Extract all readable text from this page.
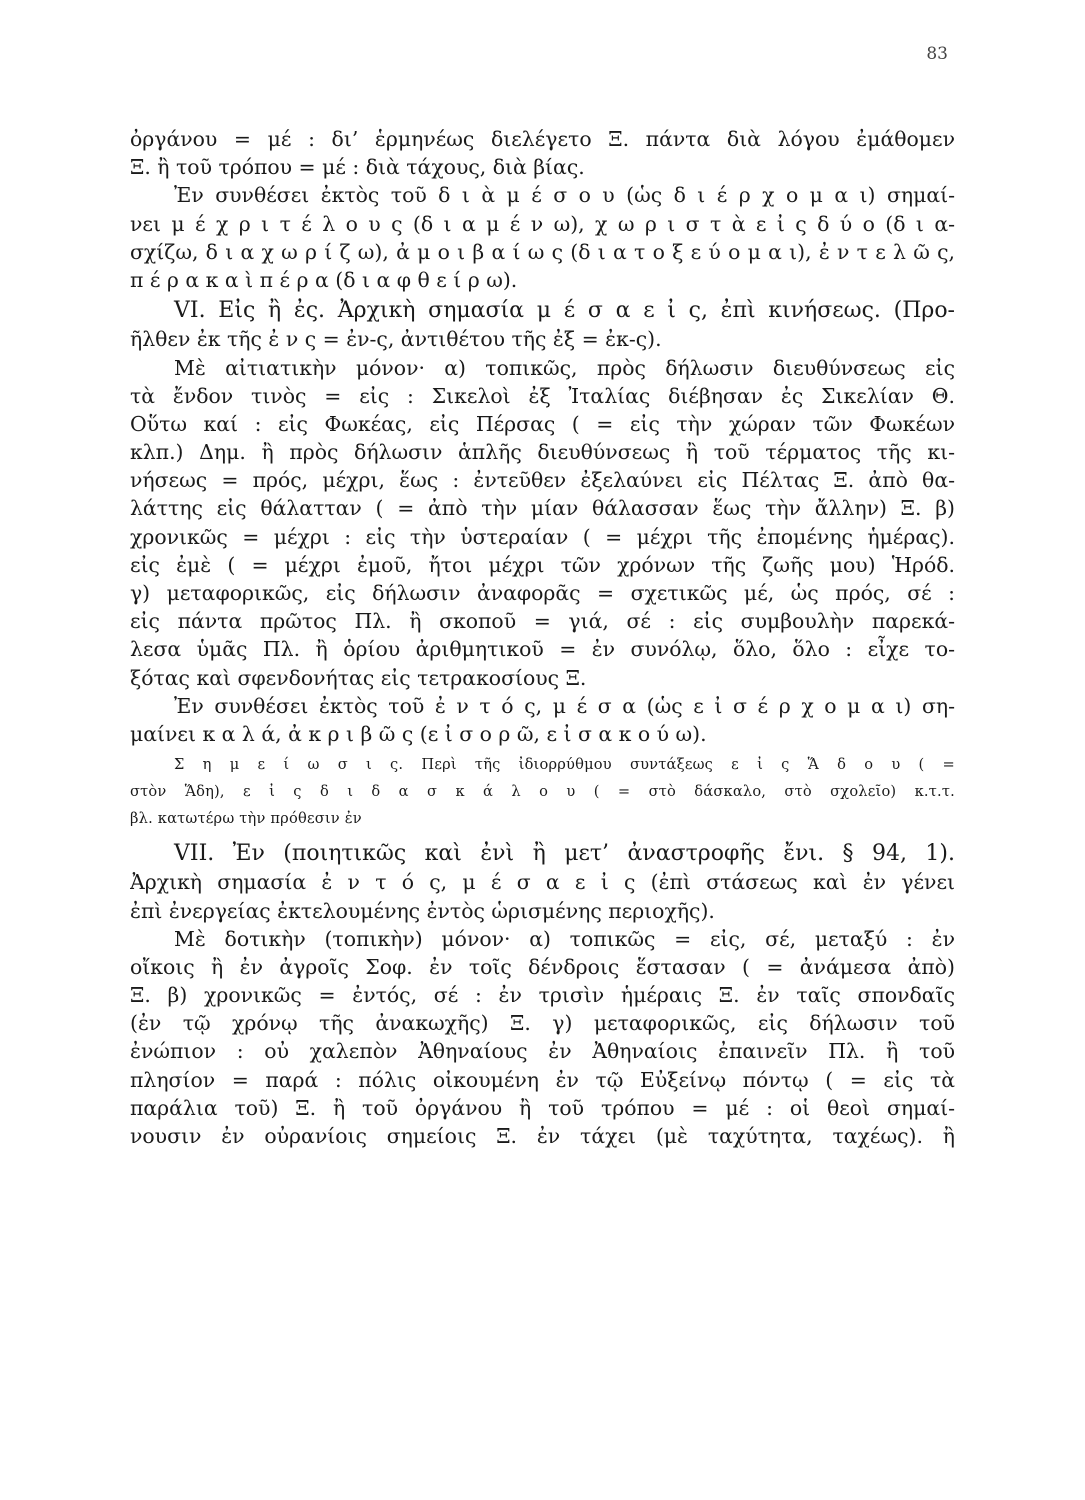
83
ὀργάνου = μέ : δι’ ἑρμηνέως διελέγετο Ξ. πάντα διὰ λόγου ἐμάθομεν
Ξ. ἢ τοῦ τρόπου = μέ : διὰ τάχους, διὰ βίας.
Ἐν συνθέσει ἐκτὸς τοῦ δ ι ὰ μ έ σ ο υ (ὡς δ ι έ ρ χ ο μ α ι) σημαί-
νει μ έ χ ρ ι τ έ λ ο υ ς (δ ι α μ έ ν ω), χ ω ρ ι σ τ ὰ ε ἰ ς δ ύ ο (δ ι α-
σχίζω, δ ι α χ ω ρ ί ζ ω), ἀ μ ο ι β α ί ω ς (δ ι α τ ο ξ ε ύ ο μ α ι), ἐ ν τ ε λ ῶ ς,
π έ ρ α κ α ὶ π έ ρ α (δ ι α φ θ ε ί ρ ω).
VI. Εἰς ἢ ἐς. Ἀρχικὴ σημασία μ έ σ α ε ἰ ς, ἐπὶ κινήσεως. (Προ-
ῆλθεν ἐκ τῆς ἐ ν ς = ἐν-ς, ἀντιθέτου τῆς ἐξ = ἐκ-ς).
Μὲ αἰτιατικὴν μόνον· α) τοπικῶς, πρὸς δήλωσιν διευθύνσεως εἰς
τὰ ἔνδον τινὸς = εἰς : Σικελοὶ ἐξ Ἰταλίας διέβησαν ἐς Σικελίαν Θ.
Οὕτω καί : εἰς Φωκέας, εἰς Πέρσας ( = εἰς τὴν χώραν τῶν Φωκέων
κλπ.) Δημ. ἢ πρὸς δήλωσιν ἁπλῆς διευθύνσεως ἢ τοῦ τέρματος τῆς κι-
νήσεως = πρός, μέχρι, ἕως : ἐντεῦθεν ἐξελαύνει εἰς Πέλτας Ξ. ἀπὸ θα-
λάττης εἰς θάλατταν ( = ἀπὸ τὴν μίαν θάλασσαν ἕως τὴν ἄλλην) Ξ. β)
χρονικῶς = μέχρι : εἰς τὴν ὑστεραίαν ( = μέχρι τῆς ἐπομένης ἡμέρας).
εἰς ἐμὲ ( = μέχρι ἐμοῦ, ἤτοι μέχρι τῶν χρόνων τῆς ζωῆς μου) Ἡρόδ.
γ) μεταφορικῶς, εἰς δήλωσιν ἀναφορᾶς = σχετικῶς μέ, ὡς πρός, σέ :
εἰς πάντα πρῶτος Πλ. ἢ σκοποῦ = γιά, σέ : εἰς συμβουλὴν παρεκά-
λεσα ὑμᾶς Πλ. ἢ ὁρίου ἀριθμητικοῦ = ἐν συνόλῳ, ὅλο, ὅλο : εἶχε το-
ξότας καὶ σφενδονήτας εἰς τετρακοσίους Ξ.
Ἐν συνθέσει ἐκτὸς τοῦ ἐ ν τ ό ς, μ έ σ α (ὡς ε ἰ σ έ ρ χ ο μ α ι) ση-
μαίνει κ α λ ά, ἀ κ ρ ι β ῶ ς (ε ἰ σ ο ρ ῶ, ε ἰ σ α κ ο ύ ω).
Σ η μ ε ί ω σ ι ς. Περὶ τῆς ἰδιορρύθμου συντάξεως ε ἰ ς Ἅ δ ο υ ( =
στὸν Ἅδη), ε ἰ ς δ ι δ α σ κ ά λ ο υ ( = στὸ δάσκαλο, στὸ σχολεῖο) κ.τ.τ.
βλ. κατωτέρω τὴν πρόθεσιν ἐν
VII. Ἐν (ποιητικῶς καὶ ἐνὶ ἢ μετ’ ἀναστροφῆς ἔνι. § 94, 1).
Ἀρχικὴ σημασία ἐ ν τ ό ς, μ έ σ α ε ἰ ς (ἐπὶ στάσεως καὶ ἐν γένει
ἐπὶ ἐνεργείας ἐκτελουμένης ἐντὸς ὡρισμένης περιοχῆς).
Μὲ δοτικὴν (τοπικὴν) μόνον· α) τοπικῶς = εἰς, σέ, μεταξύ : ἐν
οἴκοις ἢ ἐν ἀγροῖς Σοφ. ἐν τοῖς δένδροις ἕστασαν ( = ἀνάμεσα ἀπὸ)
Ξ. β) χρονικῶς = ἐντός, σέ : ἐν τρισὶν ἡμέραις Ξ. ἐν ταῖς σπονδαῖς
(ἐν τῷ χρόνῳ τῆς ἀνακωχῆς) Ξ. γ) μεταφορικῶς, εἰς δήλωσιν τοῦ
ἐνώπιον : οὐ χαλεπὸν Ἀθηναίους ἐν Ἀθηναίοις ἐπαινεῖν Πλ. ἢ τοῦ
πλησίον = παρά : πόλις οἰκουμένη ἐν τῷ Εὐξείνῳ πόντῳ ( = εἰς τὰ
παράλια τοῦ) Ξ. ἢ τοῦ ὀργάνου ἢ τοῦ τρόπου = μέ : οἱ θεοὶ σημαί-
νουσιν ἐν οὐρανίοις σημείοις Ξ. ἐν τάχει (μὲ ταχύτητα, ταχέως). ἢ
